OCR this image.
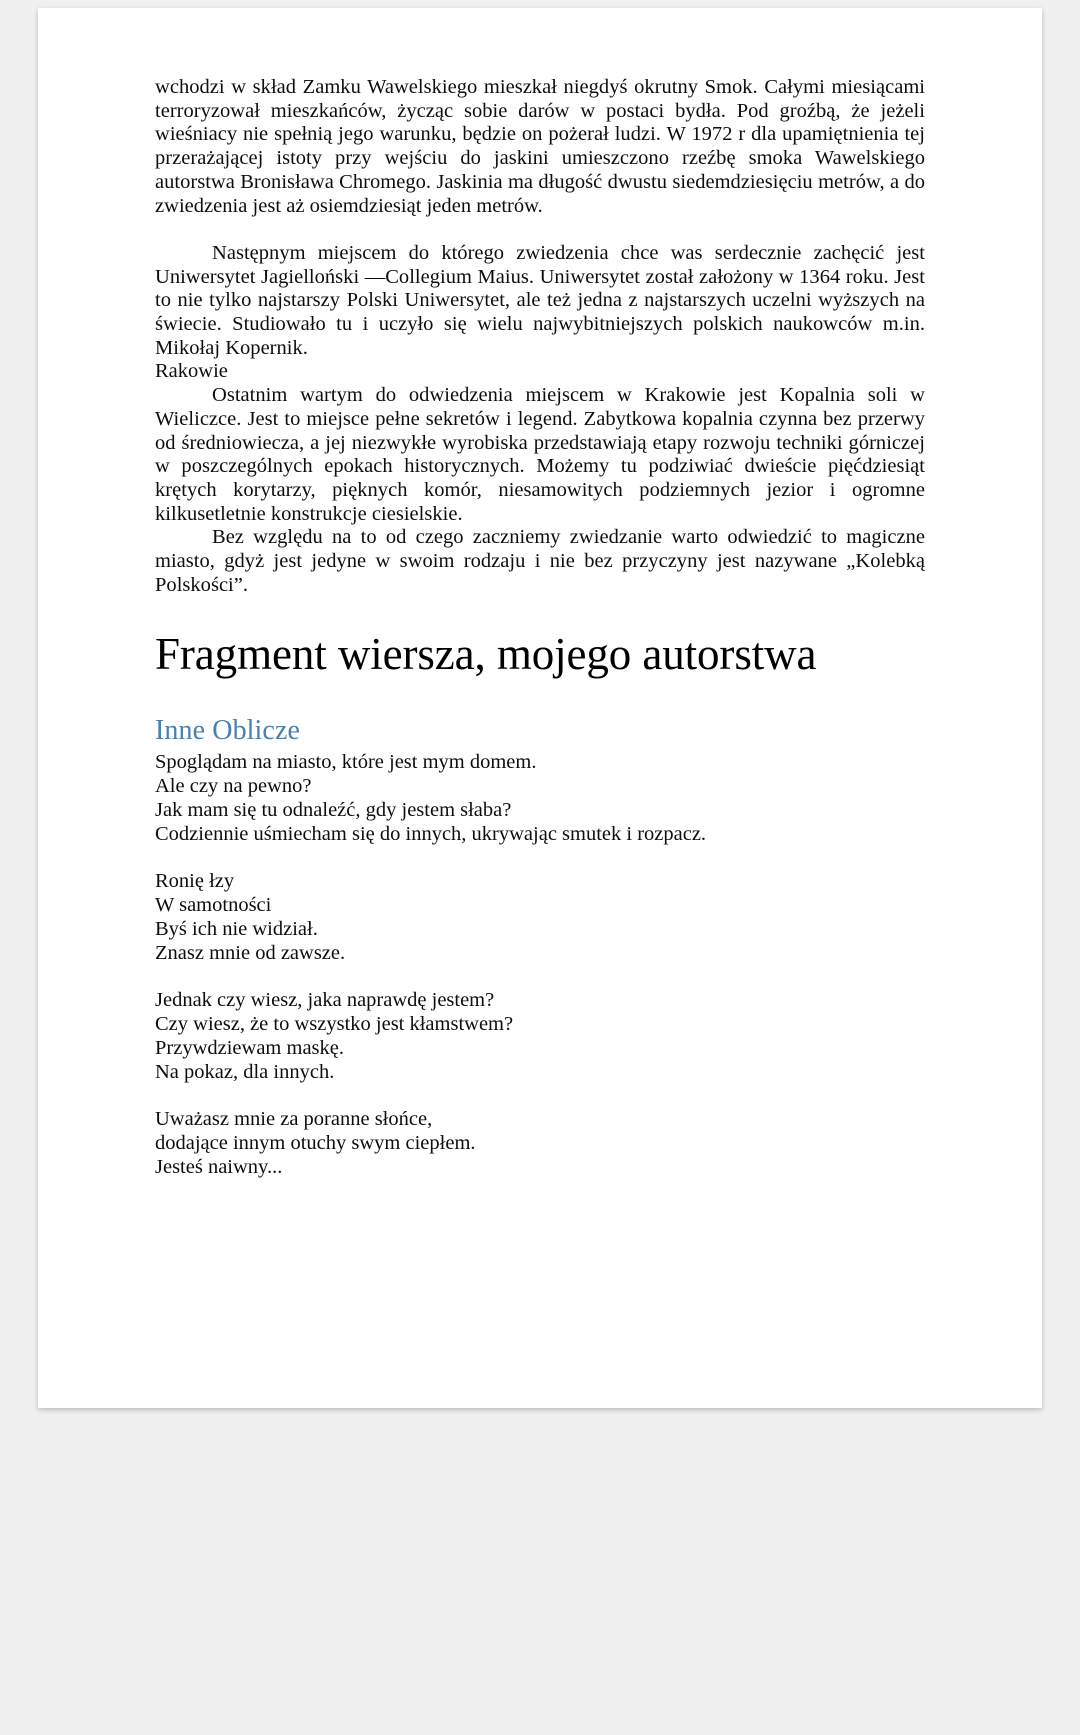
wchodzi w skład Zamku Wawelskiego mieszkał niegdyś okrutny Smok. Całymi miesiącami terroryzował mieszkańców, życząc sobie darów w postaci bydła. Pod groźbą, że jeżeli wieśniacy nie spełnią jego warunku, będzie on pożerał ludzi. W 1972 r dla upamiętnienia tej przerażającej istoty przy wejściu do jaskini umieszczono rzeźbę smoka Wawelskiego autorstwa Bronisława Chromego. Jaskinia ma długość dwustu siedemdziesięciu metrów, a do zwiedzenia jest aż osiemdziesiąt jeden metrów.

Następnym miejscem do którego zwiedzenia chce was serdecznie zachęcić jest Uniwersytet Jagielloński —Collegium Maius. Uniwersytet został założony w 1364 roku. Jest to nie tylko najstarszy Polski Uniwersytet, ale też jedna z najstarszych uczelni wyższych na świecie. Studiowało tu i uczyło się wielu najwybitniejszych polskich naukowców m.in. Mikołaj Kopernik.

Rakowie

Ostatnim wartym do odwiedzenia miejscem w Krakowie jest Kopalnia soli w Wieliczce. Jest to miejsce pełne sekretów i legend. Zabytkowa kopalnia czynna bez przerwy od średniowiecza, a jej niezwykłe wyrobiska przedstawiają etapy rozwoju techniki górniczej w poszczególnych epokach historycznych. Możemy tu podziwiać dwieście pięćdziesiąt krętych korytarzy, pięknych komór, niesamowitych podziemnych jezior i ogromne kilkusetletnie konstrukcje ciesielskie.

Bez względu na to od czego zaczniemy zwiedzanie warto odwiedzić to magiczne miasto, gdyż jest jedyne w swoim rodzaju i nie bez przyczyny jest nazywane „Kolebką Polskości”.

Fragment wiersza, mojego autorstwa
Inne Oblicze

Spoglądam na miasto, które jest mym domem.
Ale czy na pewno?
Jak mam się tu odnaleźć, gdy jestem słaba?
Codziennie uśmiecham się do innych, ukrywając smutek i rozpacz.

Ronię łzy
W samotności
Byś ich nie widział.
Znasz mnie od zawsze.

Jednak czy wiesz, jaka naprawdę jestem?
Czy wiesz, że to wszystko jest kłamstwem?
Przywdziewam maskę.
Na pokaz, dla innych.

Uważasz mnie za poranne słońce,
dodające innym otuchy swym ciepłem.
Jesteś naiwny...
